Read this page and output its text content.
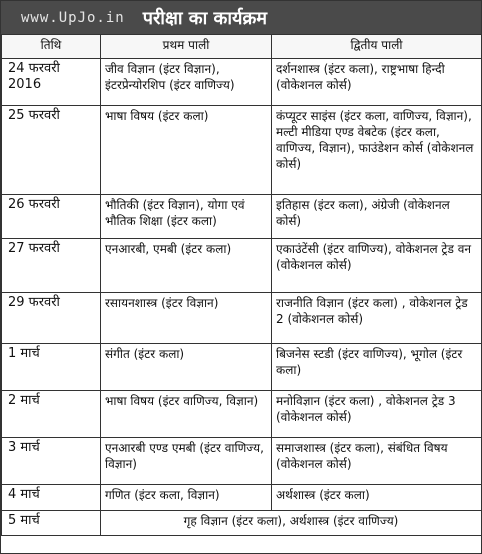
www.UpJo.in परीक्षा का कार्यक्रम
तिथि	प्रथम पाली	द्वितीय पाली
24 फरवरी 2016	जीव विज्ञान (इंटर विज्ञान), इंटरप्रेन्योरशिप (इंटर वाणिज्य)	दर्शनशास्त्र (इंटर कला), राष्ट्रभाषा हिन्दी (वोकेशनल कोर्स)
25 फरवरी	भाषा विषय (इंटर कला)	कंप्यूटर साइंस (इंटर कला, वाणिज्य, विज्ञान), मल्टी मीडिया एण्ड वेबटेक (इंटर कला, वाणिज्य, विज्ञान), फाउंडेशन कोर्स (वोकेशनल कोर्स)
26 फरवरी	भौतिकी (इंटर विज्ञान), योगा एवं भौतिक शिक्षा (इंटर कला)	इतिहास (इंटर कला), अंग्रेजी (वोकेशनल कोर्स)
27 फरवरी	एनआरबी, एमबी (इंटर कला)	एकाउंटेंसी (इंटर वाणिज्य), वोकेशनल ट्रेड वन (वोकेशनल कोर्स)
29 फरवरी	रसायनशास्त्र (इंटर विज्ञान)	राजनीति विज्ञान (इंटर कला) , वोकेशनल ट्रेड 2 (वोकेशनल कोर्स)
1 मार्च	संगीत (इंटर कला)	बिजनेस स्टडी (इंटर वाणिज्य), भूगोल (इंटर कला)
2 मार्च	भाषा विषय (इंटर वाणिज्य, विज्ञान)	मनोविज्ञान (इंटर कला) , वोकेशनल ट्रेड 3 (वोकेशनल कोर्स)
3 मार्च	एनआरबी एण्ड एमबी (इंटर वाणिज्य, विज्ञान)	समाजशास्त्र (इंटर कला), संबंधित विषय (वोकेशनल कोर्स)
4 मार्च	गणित (इंटर कला, विज्ञान)	अर्थशास्त्र (इंटर कला)
5 मार्च	गृह विज्ञान (इंटर कला), अर्थशास्त्र (इंटर वाणिज्य)	
